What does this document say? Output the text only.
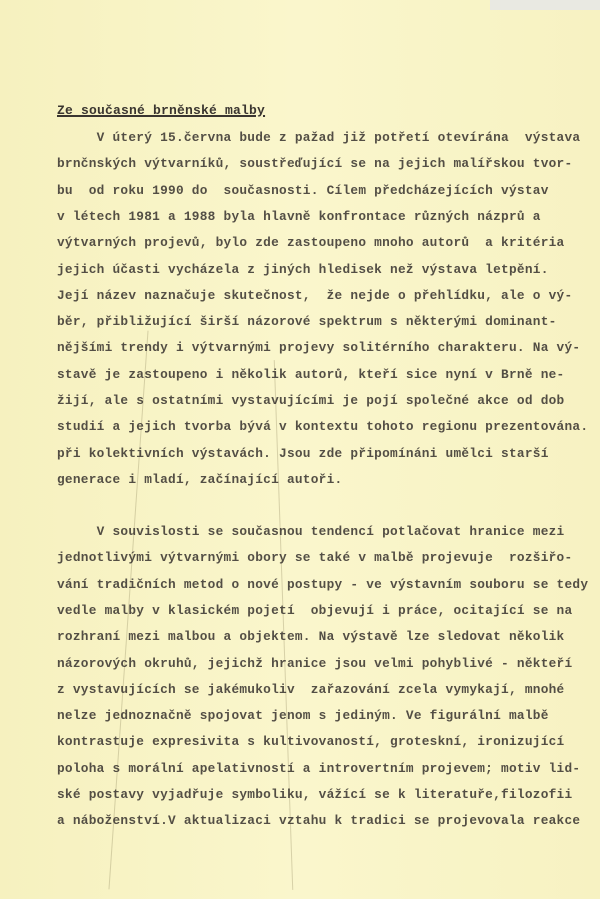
Ze současné brněnské malby
V úterý 15.června bude z pažad již potřetí otevírána  výstava
brnčnských výtvarníků, soustřeďující se na jejich malířskou tvor-
bu  od roku 1990 do  současnosti. Cílem předcházejících výstav
v létech 1981 a 1988 byla hlavně konfrontace různých názprů a
výtvarných projevů, bylo zde zastoupeno mnoho autorů  a kritéria
jejich účasti vycházela z jiných hledisek než výstava letpění.
Její název naznačuje skutečnost,  že nejde o přehlídku, ale o vý-
běr, přibližující širší názorové spektrum s některými dominant-
nějšími trendy i výtvarnými projevy solitérního charakteru. Na vý-
stavě je zastoupeno i několik autorů, kteří sice nyní v Brně ne-
žijí, ale s ostatními vystavujícími je pojí společné akce od dob
studií a jejich tvorba bývá v kontextu tohoto regionu prezentována.
při kolektivních výstavách. Jsou zde připomínáni umělci starší
generace i mladí, začínající autoři.
V souvislosti se současnou tendencí potlačovat hranice mezi
jednotlivými výtvarnými obory se také v malbě projevuje  rozšiřo-
vání tradičních metod o nové postupy - ve výstavním souboru se tedy
vedle malby v klasickém pojetí  objevují i práce, ocitající se na
rozhraní mezi malbou a objektem. Na výstavě lze sledovat několik
názorových okruhů, jejichž hranice jsou velmi pohyblivé - někteří
z vystavujících se jakémukoliv  zařazování zcela vymykají, mnohé
nelze jednoznačně spojovat jenom s jediným. Ve figurální malbě
kontrastuje expresivita s kultivovaností, groteskní, ironizující
poloha s morální apelativností a introvertním projevem; motiv lid-
ské postavy vyjadřuje symboliku, vážící se k literatuře,filozofii
a náboženství.V aktualizaci vztahu k tradici se projevovala reakce
